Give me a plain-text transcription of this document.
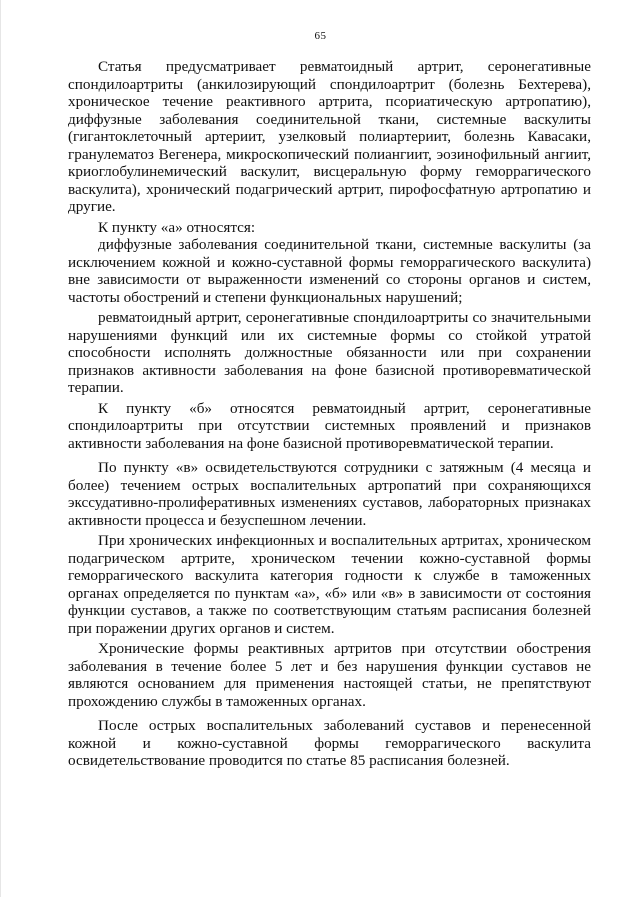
65

Статья предусматривает ревматоидный артрит, серонегативные спондилоартриты (анкилозирующий спондилоартрит (болезнь Бехтерева), хроническое течение реактивного артрита, псориатическую артропатию), диффузные заболевания соединительной ткани, системные васкулиты (гигантоклеточный артериит, узелковый полиартериит, болезнь Кавасаки, гранулематоз Вегенера, микроскопический полиангиит, эозинофильный ангиит, криоглобулинемический васкулит, висцеральную форму геморрагического васкулита), хронический подагрический артрит, пирофосфатную артропатию и другие.

К пункту «а» относятся:

диффузные заболевания соединительной ткани, системные васкулиты (за исключением кожной и кожно-суставной формы геморрагического васкулита) вне зависимости от выраженности изменений со стороны органов и систем, частоты обострений и степени функциональных нарушений;

ревматоидный артрит, серонегативные спондилоартриты со значительными нарушениями функций или их системные формы со стойкой утратой способности исполнять должностные обязанности или при сохранении признаков активности заболевания на фоне базисной противоревматической терапии.

К пункту «б» относятся ревматоидный артрит, серонегативные спондилоартриты при отсутствии системных проявлений и признаков активности заболевания на фоне базисной противоревматической терапии.

По пункту «в» освидетельствуются сотрудники с затяжным (4 месяца и более) течением острых воспалительных артропатий при сохраняющихся экссудативно-пролиферативных изменениях суставов, лабораторных признаках активности процесса и безуспешном лечении.

При хронических инфекционных и воспалительных артритах, хроническом подагрическом артрите, хроническом течении кожно-суставной формы геморрагического васкулита категория годности к службе в таможенных органах определяется по пунктам «а», «б» или «в» в зависимости от состояния функции суставов, а также по соответствующим статьям расписания болезней при поражении других органов и систем.

Хронические формы реактивных артритов при отсутствии обострения заболевания в течение более 5 лет и без нарушения функции суставов не являются основанием для применения настоящей статьи, не препятствуют прохождению службы в таможенных органах.

После острых воспалительных заболеваний суставов и перенесенной кожной и кожно-суставной формы геморрагического васкулита освидетельствование проводится по статье 85 расписания болезней.
